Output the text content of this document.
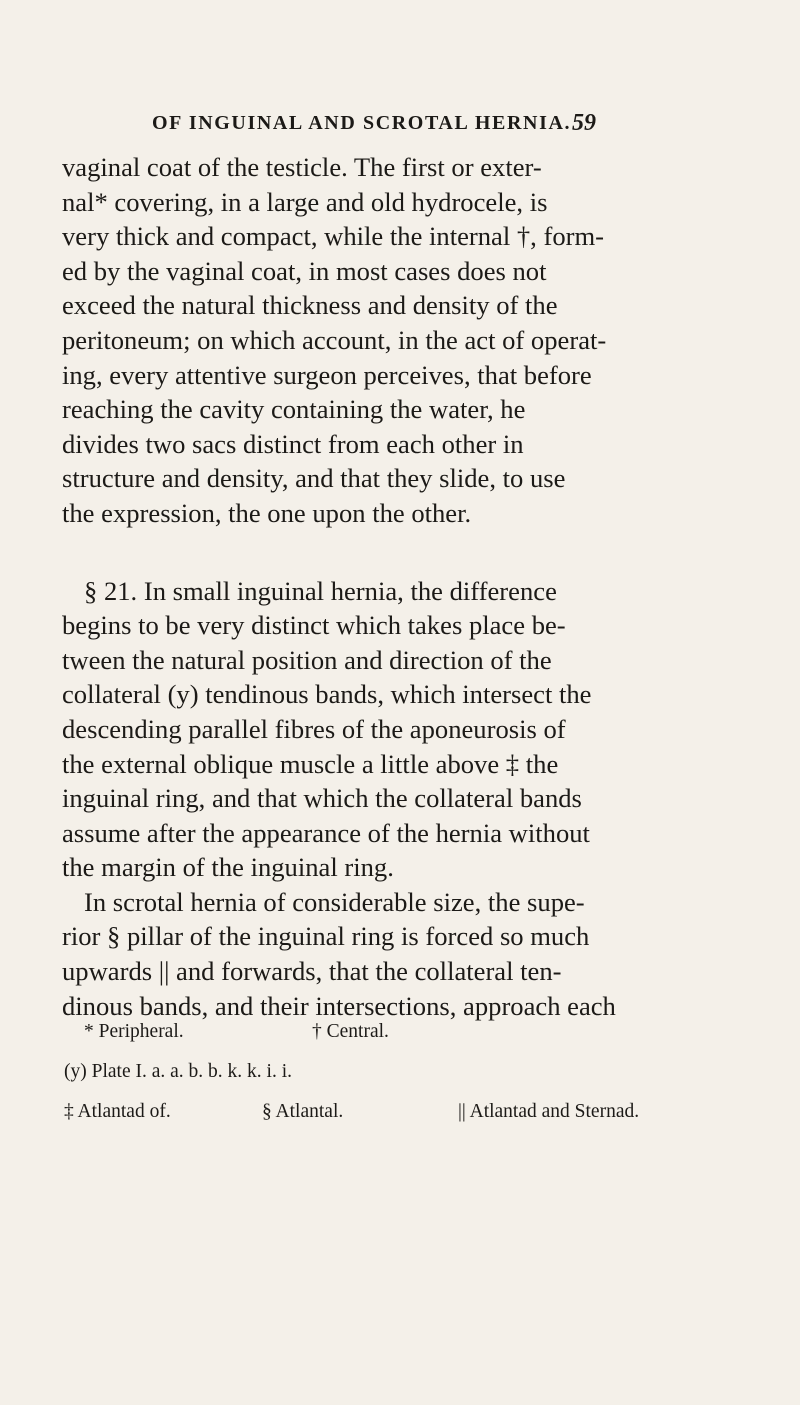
OF INGUINAL AND SCROTAL HERNIA. 59
vaginal coat of the testicle. The first or exter-
nal* covering, in a large and old hydrocele, is
very thick and compact, while the internal †, form-
ed by the vaginal coat, in most cases does not
exceed the natural thickness and density of the
peritoneum; on which account, in the act of operat-
ing, every attentive surgeon perceives, that before
reaching the cavity containing the water, he
divides two sacs distinct from each other in
structure and density, and that they slide, to use
the expression, the one upon the other.
§ 21. In small inguinal hernia, the difference
begins to be very distinct which takes place be-
tween the natural position and direction of the
collateral (y) tendinous bands, which intersect the
descending parallel fibres of the aponeurosis of
the external oblique muscle a little above ‡ the
inguinal ring, and that which the collateral bands
assume after the appearance of the hernia without
the margin of the inguinal ring.
In scrotal hernia of considerable size, the supe-
rior § pillar of the inguinal ring is forced so much
upwards || and forwards, that the collateral ten-
dinous bands, and their intersections, approach each
* Peripheral.	† Central.
(y) Plate I. a. a. b. b. k. k. i. i.
‡ Atlantad of.	§ Atlantal.	|| Atlantad and Sternad.
